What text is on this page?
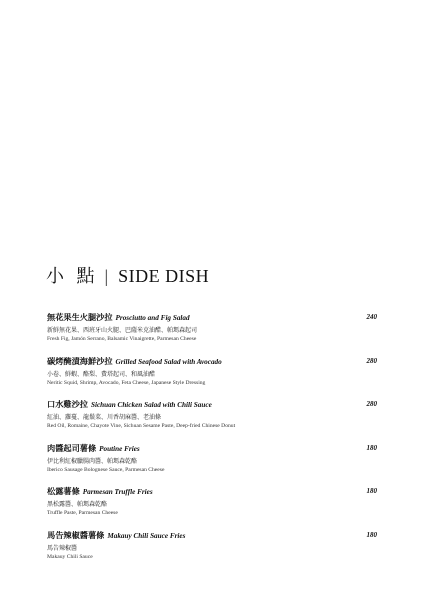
小 點 | SIDE DISH
無花果生火腿沙拉 Prosciutto and Fig Salad	240
新鮮無花果、西班牙山火腿、巴薩米克油醋、帕瑪森起司
Fresh Fig, Jamón Serrano, Balsamic Vinaigrette, Parmesan Cheese
碳烤醃漬海鮮沙拉 Grilled Seafood Salad with Avocado	280
小卷、鮮蝦、酪梨、費塔起司、和風油醋
Neritic Squid, Shrimp, Avocado, Feta Cheese, Japanese Style Dressing
口水雞沙拉 Sichuan Chicken Salad with Chili Sauce	280
紅油、蘿蔓、龍鬚菜、川香胡麻醬、老油條
Red Oil, Romaine, Chayote Vine, Sichuan Sesame Paste, Deep-fried Chinese Donut
肉醬起司薯條 Poutine Fries	180
伊比利紅椒臘腸肉醬、帕瑪森乾酪
Iberico Sausage Bolognese Sauce, Parmesan Cheese
松露薯條 Parmesan Truffle Fries	180
黑松露醬、帕瑪森乾酪
Truffle Paste, Parmesan Cheese
馬告辣椒醬薯條 Makauy Chili Sauce Fries	180
馬告辣椒醬
Makauy Chili Sauce
